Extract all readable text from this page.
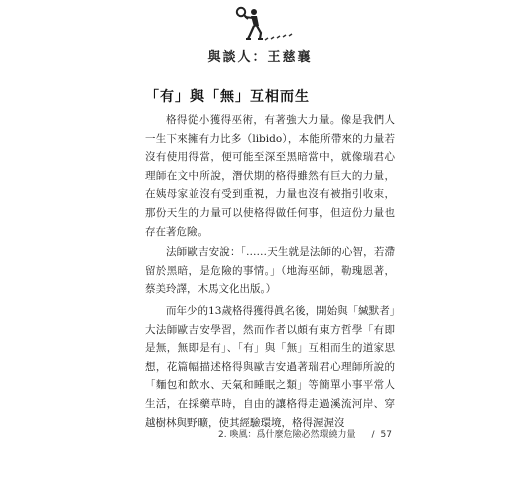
與談人：王慈襄
「有」與「無」互相而生

格得從小獲得巫術，有著強大力量。像是我們人一生下來擁有力比多（libido），本能所帶來的力量若沒有使用得當，便可能至深至黑暗當中，就像瑞君心理師在文中所說，潛伏期的格得雖然有巨大的力量，在姨母家並沒有受到重視，力量也沒有被指引收束，那份天生的力量可以使格得做任何事，但這份力量也存在著危險。

法師歐吉安說：「……天生就是法師的心智，若滯留於黑暗，是危險的事情。」（地海巫師，勒瑰恩著，蔡美玲譯，木馬文化出版。）

而年少的13歲格得獲得眞名後，開始與「緘默者」大法師歐吉安學習，然而作者以頗有東方哲學「有即是無，無即是有」、「有」與「無」互相而生的道家思想，花篇幅描述格得與歐吉安過著瑞君心理師所說的「麵包和飲水、天氣和睡眠之類」等簡單小事平常人生活，在採藥草時，自由的讓格得走過溪流河岸、穿越樹林與野曠，使其經驗環境，格得渥渥沒

2. 喚風：爲什麼危險必然環繞力量 / 57
